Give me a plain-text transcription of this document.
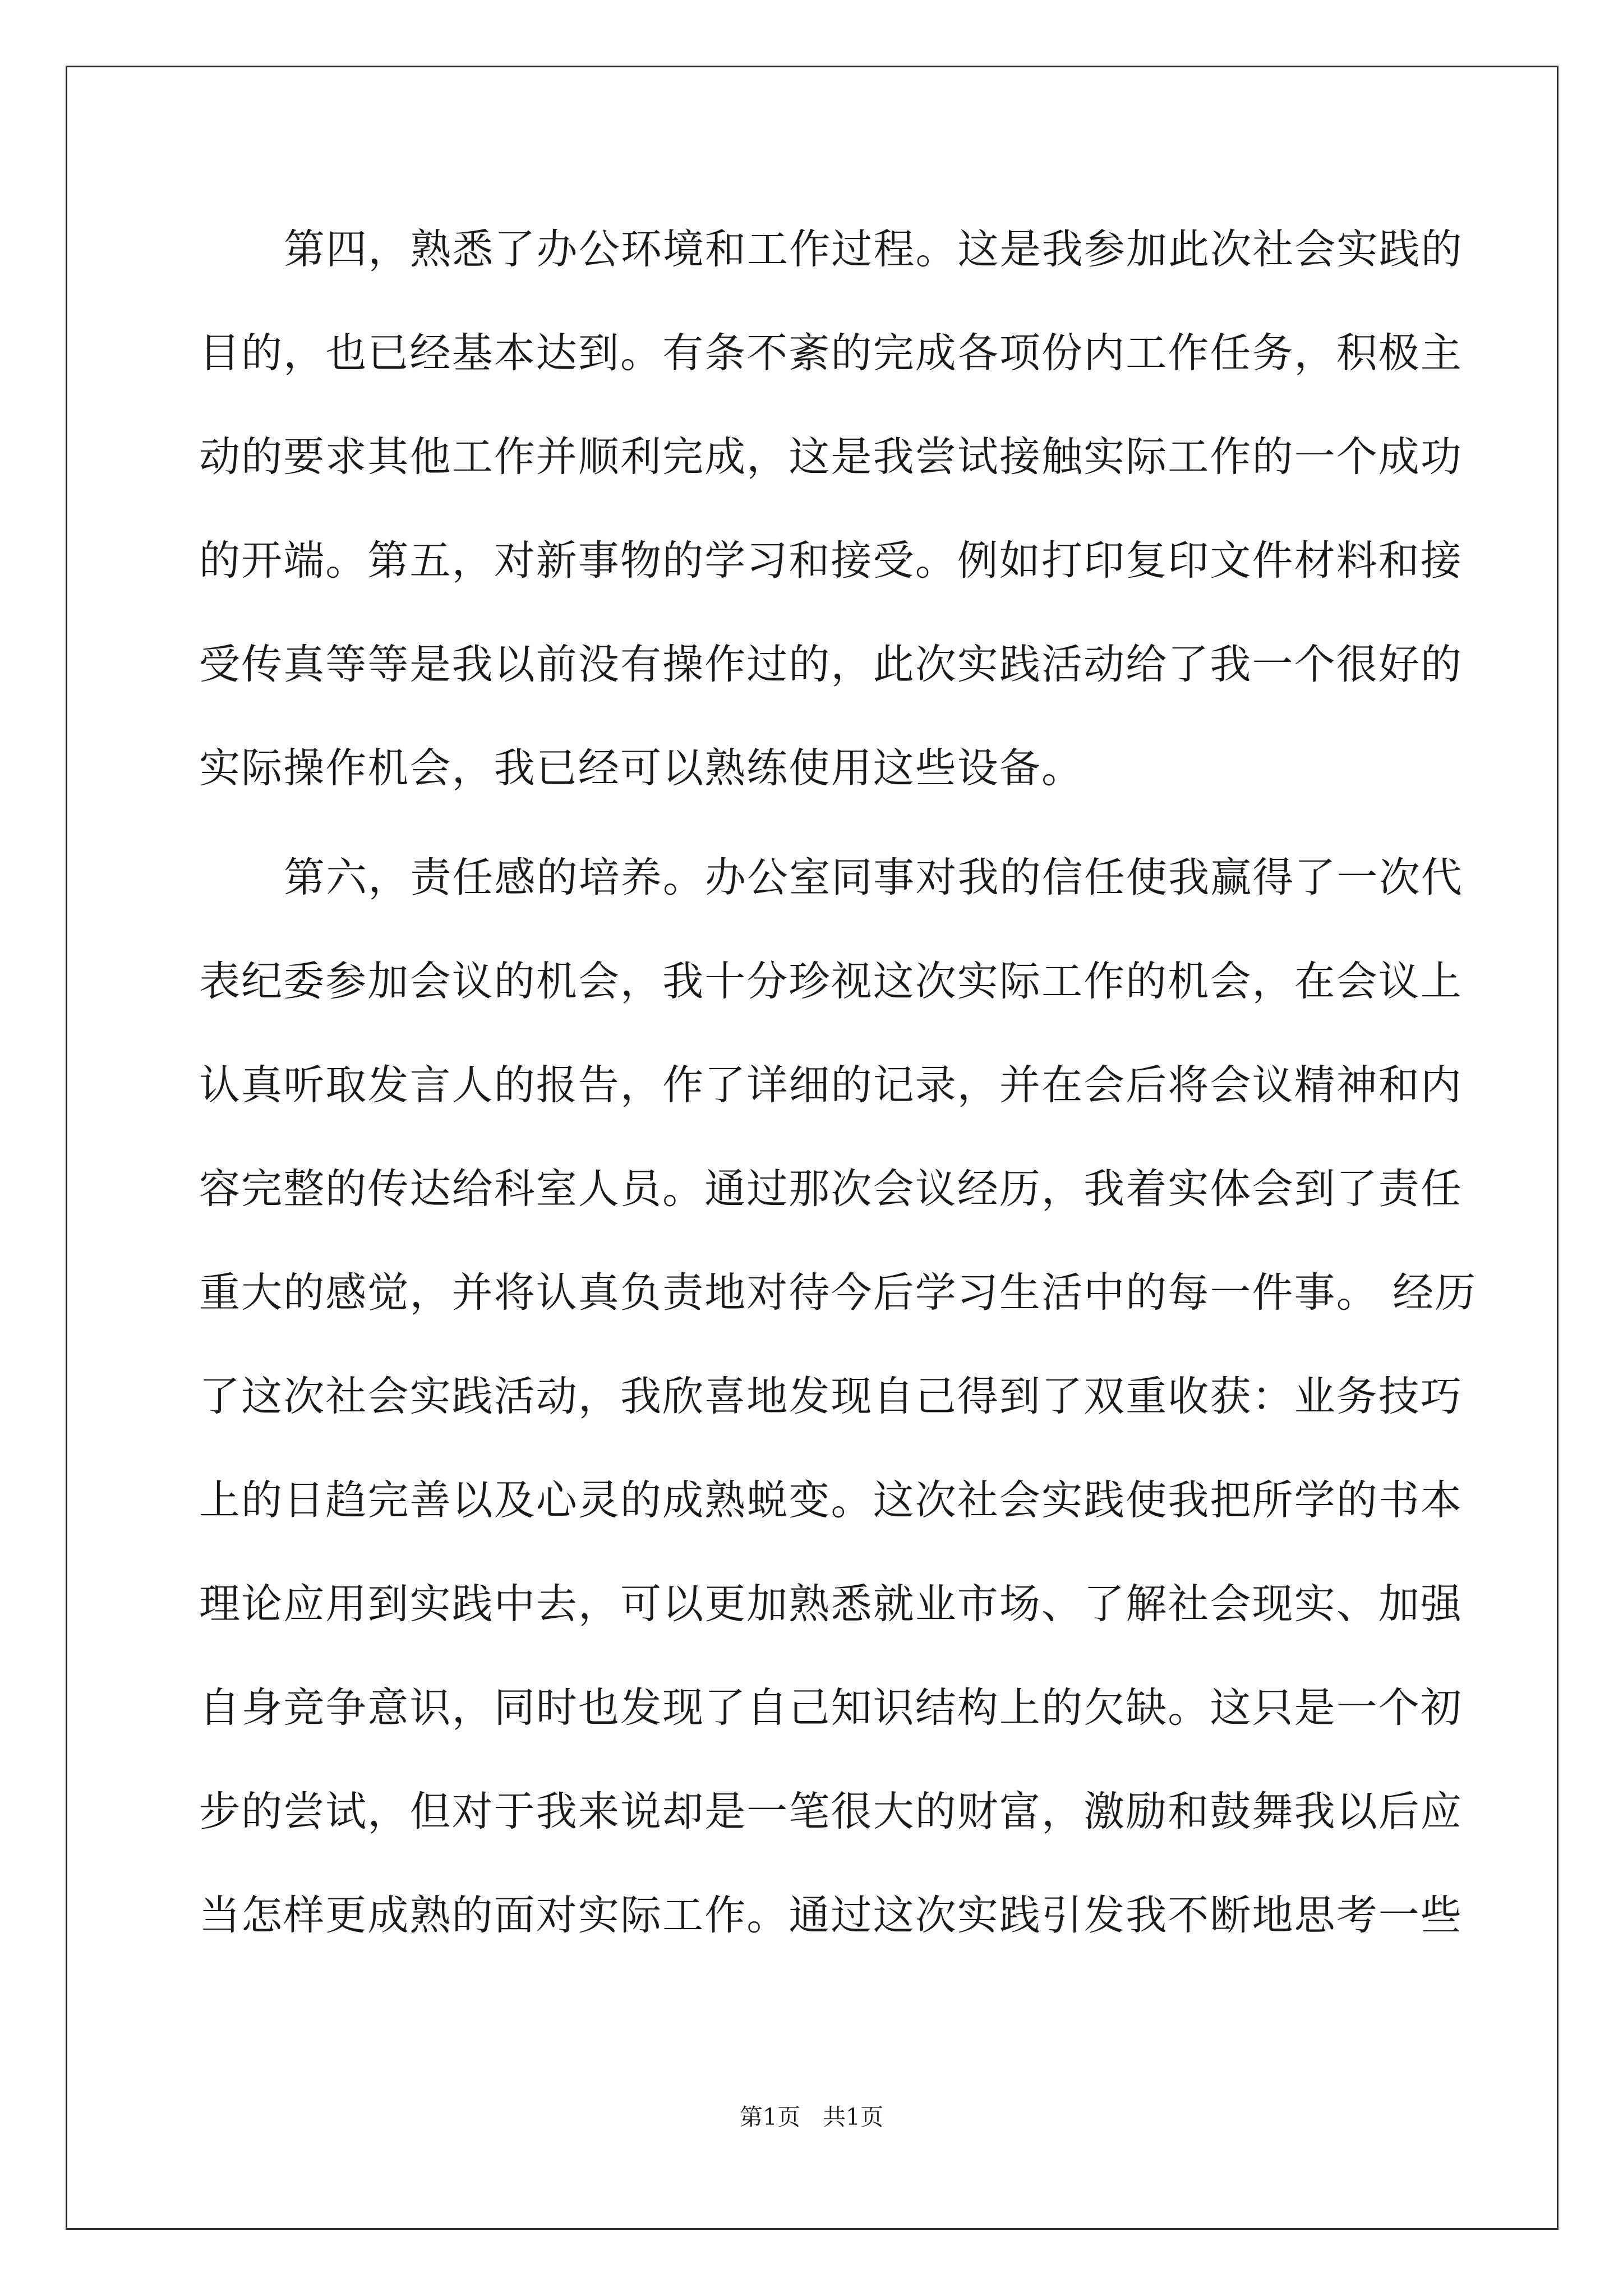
第四，熟悉了办公环境和工作过程。这是我参加此次社会实践的
目的，也已经基本达到。有条不紊的完成各项份内工作任务，积极主
动的要求其他工作并顺利完成，这是我尝试接触实际工作的一个成功
的开端。第五，对新事物的学习和接受。例如打印复印文件材料和接
受传真等等是我以前没有操作过的，此次实践活动给了我一个很好的
实际操作机会，我已经可以熟练使用这些设备。
第六，责任感的培养。办公室同事对我的信任使我赢得了一次代
表纪委参加会议的机会，我十分珍视这次实际工作的机会，在会议上
认真听取发言人的报告，作了详细的记录，并在会后将会议精神和内
容完整的传达给科室人员。通过那次会议经历，我着实体会到了责任
重大的感觉，并将认真负责地对待今后学习生活中的每一件事。 经历
了这次社会实践活动，我欣喜地发现自己得到了双重收获：业务技巧
上的日趋完善以及心灵的成熟蜕变。这次社会实践使我把所学的书本
理论应用到实践中去，可以更加熟悉就业市场、了解社会现实、加强
自身竞争意识，同时也发现了自己知识结构上的欠缺。这只是一个初
步的尝试，但对于我来说却是一笔很大的财富，激励和鼓舞我以后应
当怎样更成熟的面对实际工作。通过这次实践引发我不断地思考一些
第1页 共1页
